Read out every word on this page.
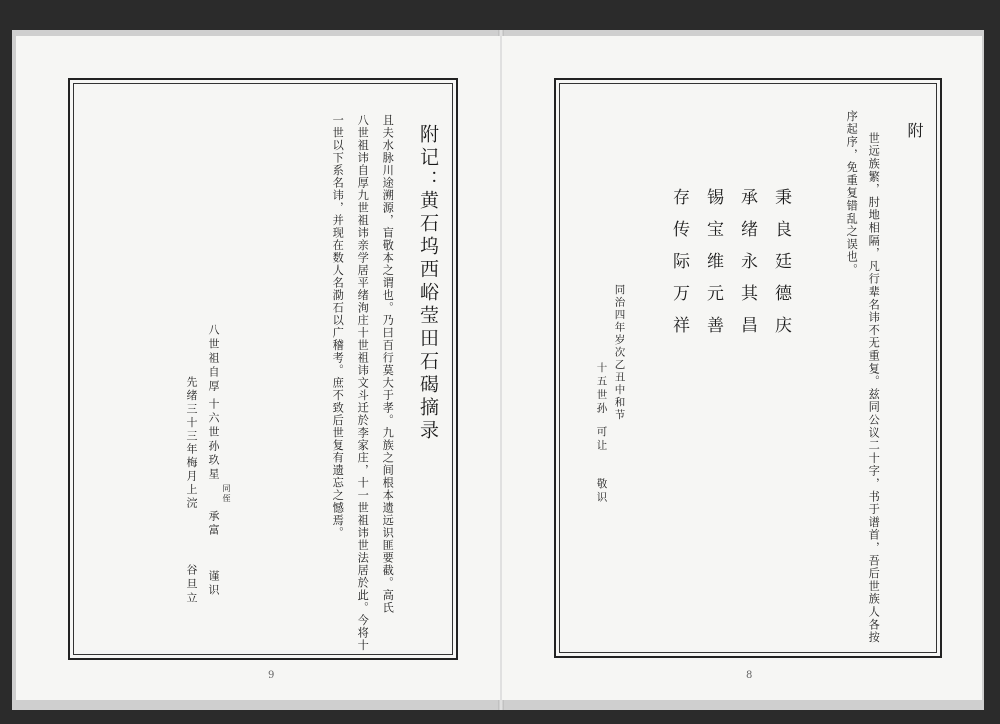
附记：
黄石坞西峪莹田石碣摘录
且夫水脉川途溯源，盲敬本之谓也。乃曰百行莫大于孝。九族之间根本遗远识匪要截。高氏
八世祖讳自厚九世祖讳亲学居平绪洵庄十世祖讳文斗迁於李家庄，十一世祖讳世法居於此。今将十
一世以下系名讳，并现在数人名泐石以广稽考。庶不致后世复有遗忘之憾焉。
八世祖自厚
十六世孙玖星
同侄
承富
谨识
先绪三十三年梅月上浣
谷旦立
9
附
世远族繁，肘地相隔，凡行辈名讳不无重复。兹同公议二十字，书于谱首，吾后世族人各按
序起序，免重复错乱之误也。
秉良廷德庆
承绪永其昌
锡宝维元善
存传际万祥
同治四年岁次乙丑中和节
十五世孙
可让
敬识
8
